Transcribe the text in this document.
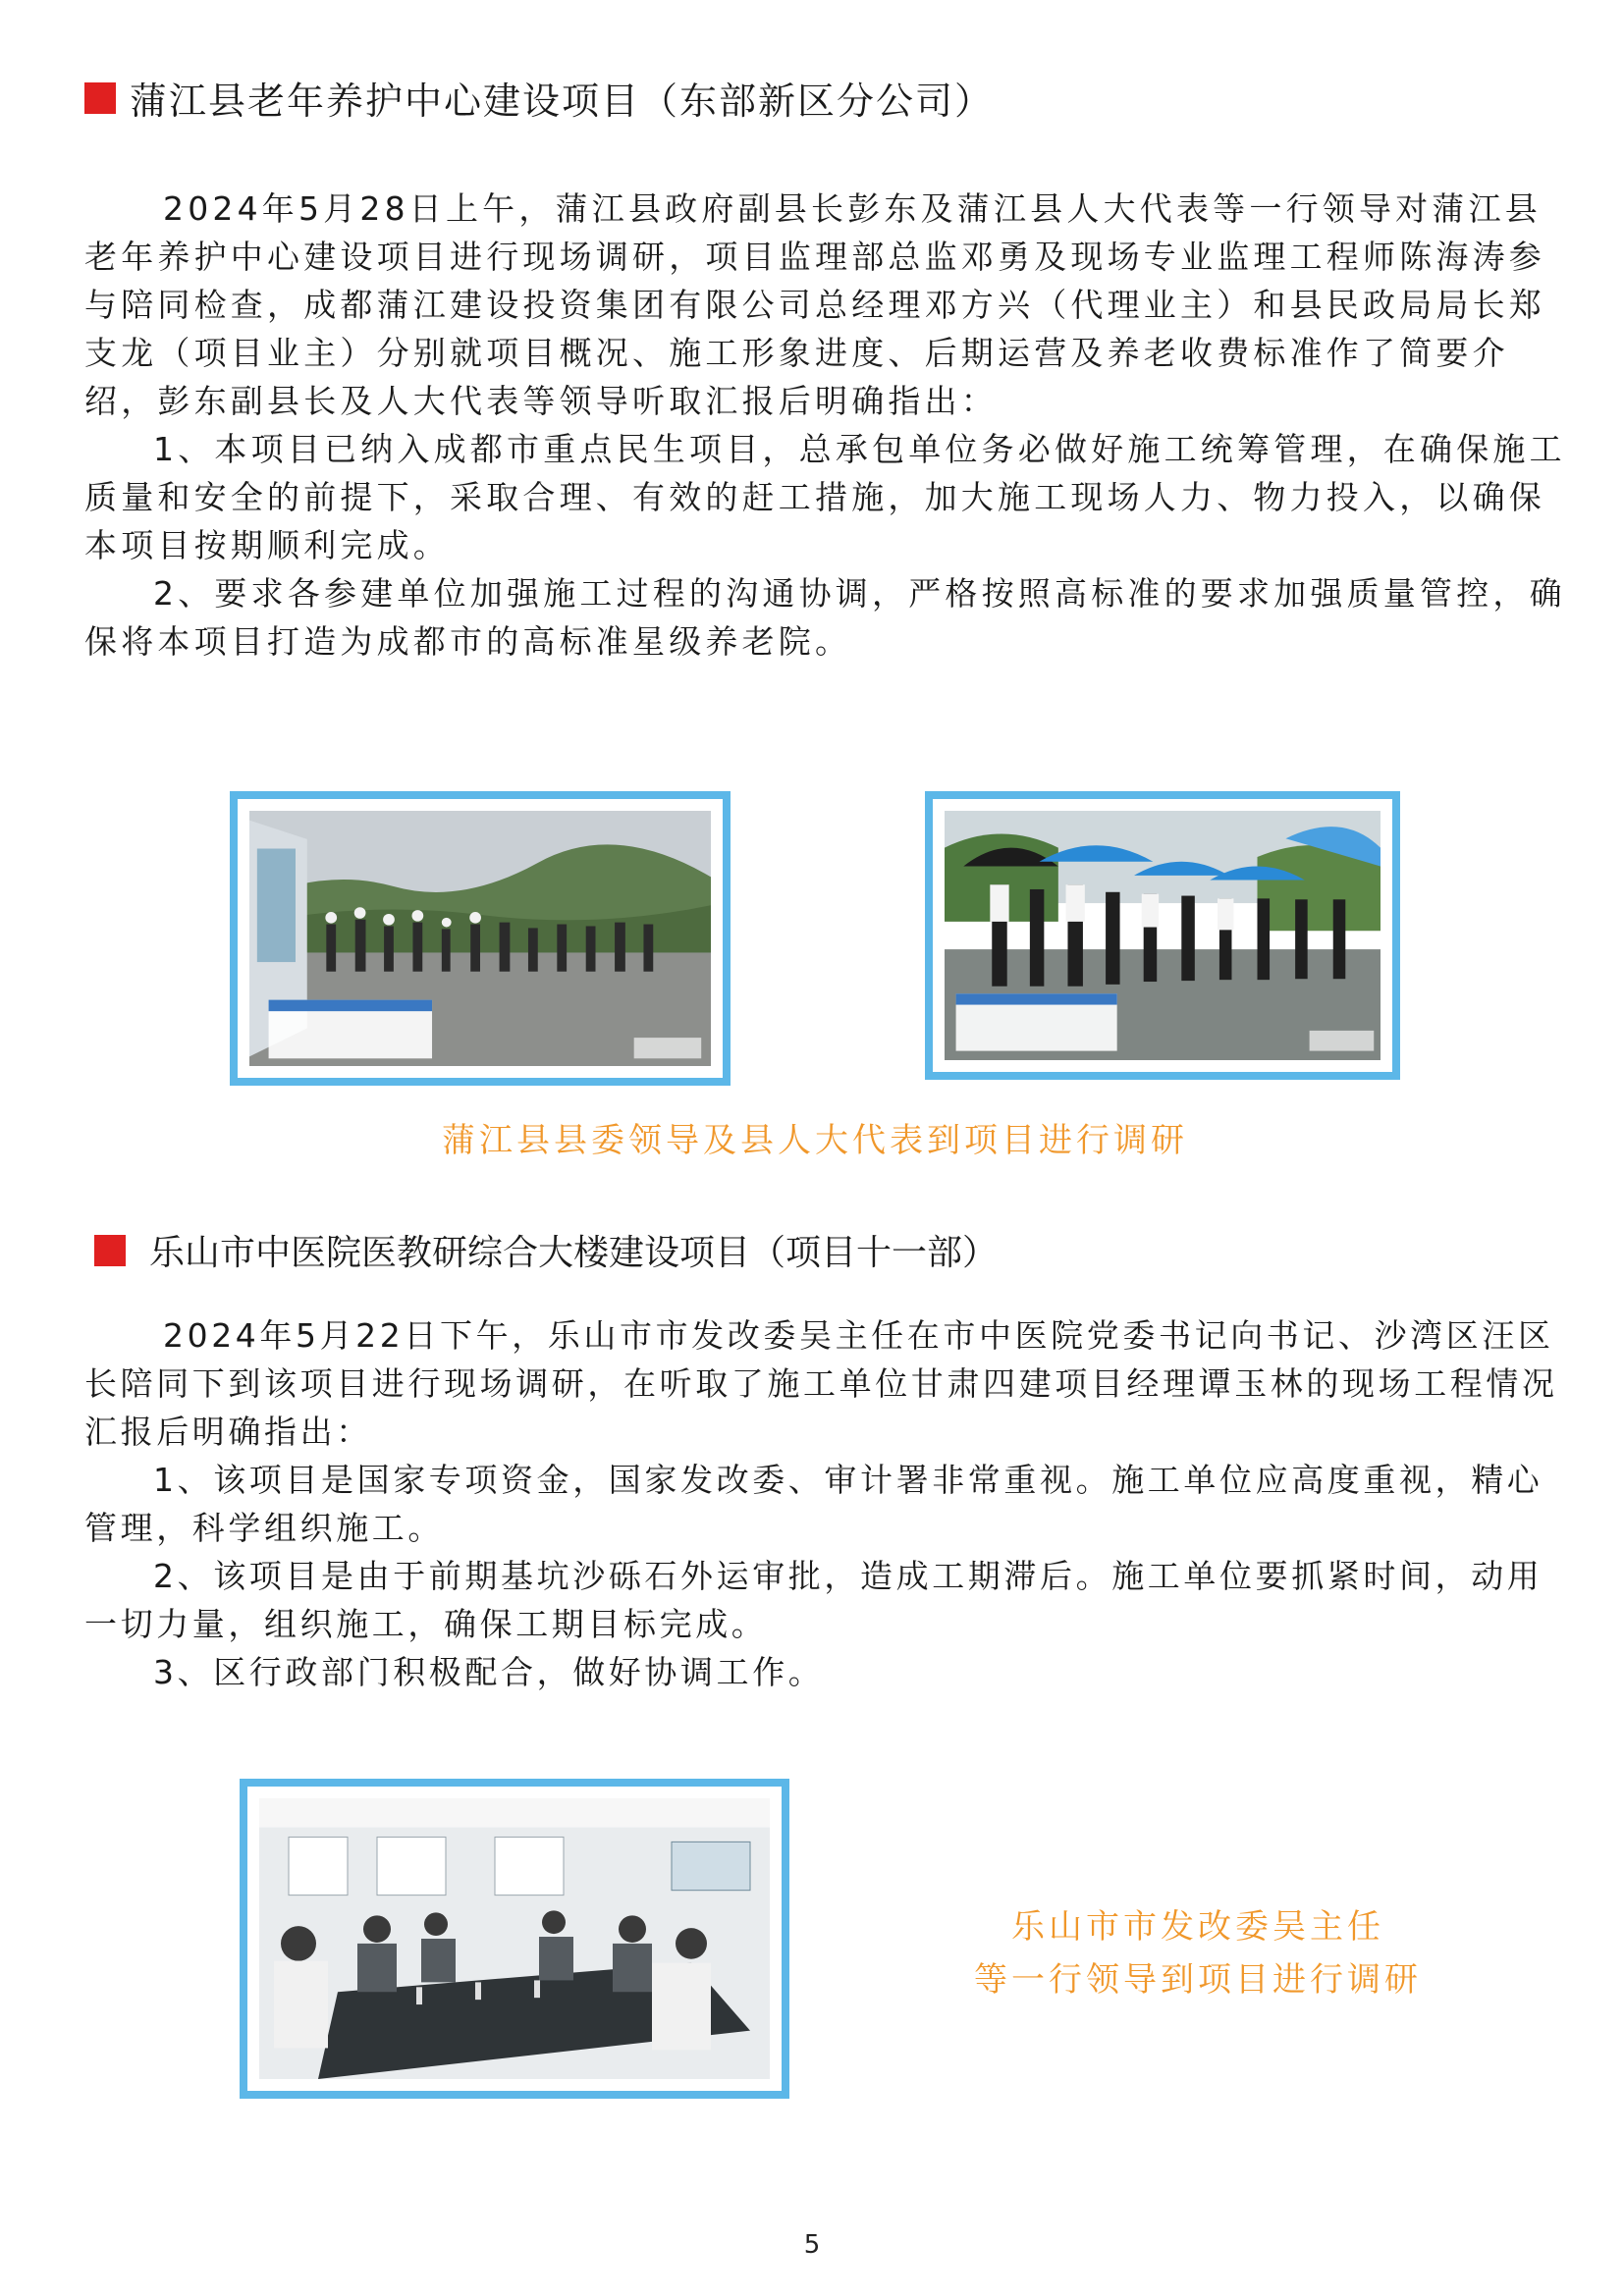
蒲江县老年养护中心建设项目（东部新区分公司）

2024年5月28日上午，蒲江县政府副县长彭东及蒲江县人大代表等一行领导对蒲江县老年养护中心建设项目进行现场调研，项目监理部总监邓勇及现场专业监理工程师陈海涛参与陪同检查，成都蒲江建设投资集团有限公司总经理邓方兴（代理业主）和县民政局局长郑支龙（项目业主）分别就项目概况、施工形象进度、后期运营及养老收费标准作了简要介绍，彭东副县长及人大代表等领导听取汇报后明确指出：

1、本项目已纳入成都市重点民生项目，总承包单位务必做好施工统筹管理，在确保施工质量和安全的前提下，采取合理、有效的赶工措施，加大施工现场人力、物力投入，以确保本项目按期顺利完成。

2、要求各参建单位加强施工过程的沟通协调，严格按照高标准的要求加强质量管控，确保将本项目打造为成都市的高标准星级养老院。

蒲江县县委领导及县人大代表到项目进行调研
乐山市中医院医教研综合大楼建设项目（项目十一部）

2024年5月22日下午，乐山市市发改委吴主任在市中医院党委书记向书记、沙湾区汪区长陪同下到该项目进行现场调研，在听取了施工单位甘肃四建项目经理谭玉林的现场工程情况汇报后明确指出：

1、该项目是国家专项资金，国家发改委、审计署非常重视。施工单位应高度重视，精心管理，科学组织施工。

2、该项目是由于前期基坑沙砾石外运审批，造成工期滞后。施工单位要抓紧时间，动用一切力量，组织施工，确保工期目标完成。

3、区行政部门积极配合，做好协调工作。

乐山市市发改委吴主任
等一行领导到项目进行调研
5
